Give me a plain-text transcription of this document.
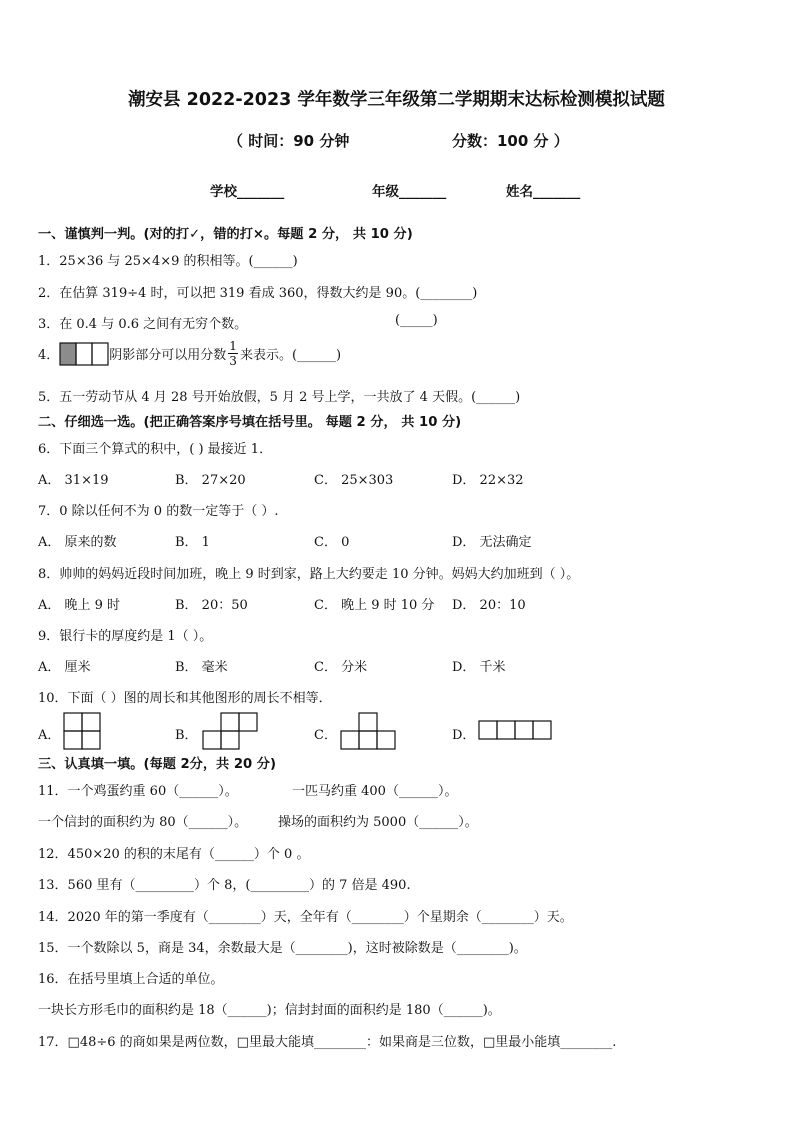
潮安县 2022-2023 学年数学三年级第二学期期末达标检测模拟试题
（ 时间：90 分钟	分数：100 分 ）
学校_______	年级_______	姓名_______
一、谨慎判一判。(对的打✓，错的打×。每题 2 分， 共 10 分)
1．25×36 与 25×4×9 的积相等。(______)
2．在估算 319÷4 时，可以把 319 看成 360，得数大约是 90。(________)
3．在 0.4 与 0.6 之间有无穷个数。	(_____)
4．	阴影部分可以用分数 $\frac{1}{3}$ 来表示。(______)
5．五一劳动节从 4 月 28 号开始放假，5 月 2 号上学，一共放了 4 天假。(______)
二、仔细选一选。(把正确答案序号填在括号里。 每题 2 分， 共 10 分)
6．下面三个算式的积中，( ) 最接近 1．
A． 31×19	B． 27×20	C． 25×303	D． 22×32
7．0 除以任何不为 0 的数一定等于（ ）.
A． 原来的数	B． 1	C． 0	D． 无法确定
8．帅帅的妈妈近段时间加班，晚上 9 时到家，路上大约要走 10 分钟。妈妈大约加班到（ ）。
A． 晚上 9 时	B． 20：50	C． 晚上 9 时 10 分 D． 20：10
9．银行卡的厚度约是 1（ ）。
A． 厘米	B． 毫米	C． 分米	D． 千米
10．下面（ ）图的周长和其他图形的周长不相等．
A．	B．	C．	D．
三、认真填一填。(每题 2分，共 20 分)
11．一个鸡蛋约重 60（______）。	一匹马约重 400（______）。
一个信封的面积约为 80（______）。 操场的面积约为 5000（______）。
12．450×20 的积的末尾有（______）个 0 。
13．560 里有（_________）个 8，(_________）的 7 倍是 490.
14．2020 年的第一季度有（________）天，全年有（________）个星期余（________）天。
15．一个数除以 5，商是 34，余数最大是（________)，这时被除数是（________)。
16．在括号里填上合适的单位。
一块长方形毛巾的面积约是 18（______)；信封封面的面积约是 180（______)。
17．□48÷6 的商如果是两位数，□里最大能填________：如果商是三位数，□里最小能填________.
